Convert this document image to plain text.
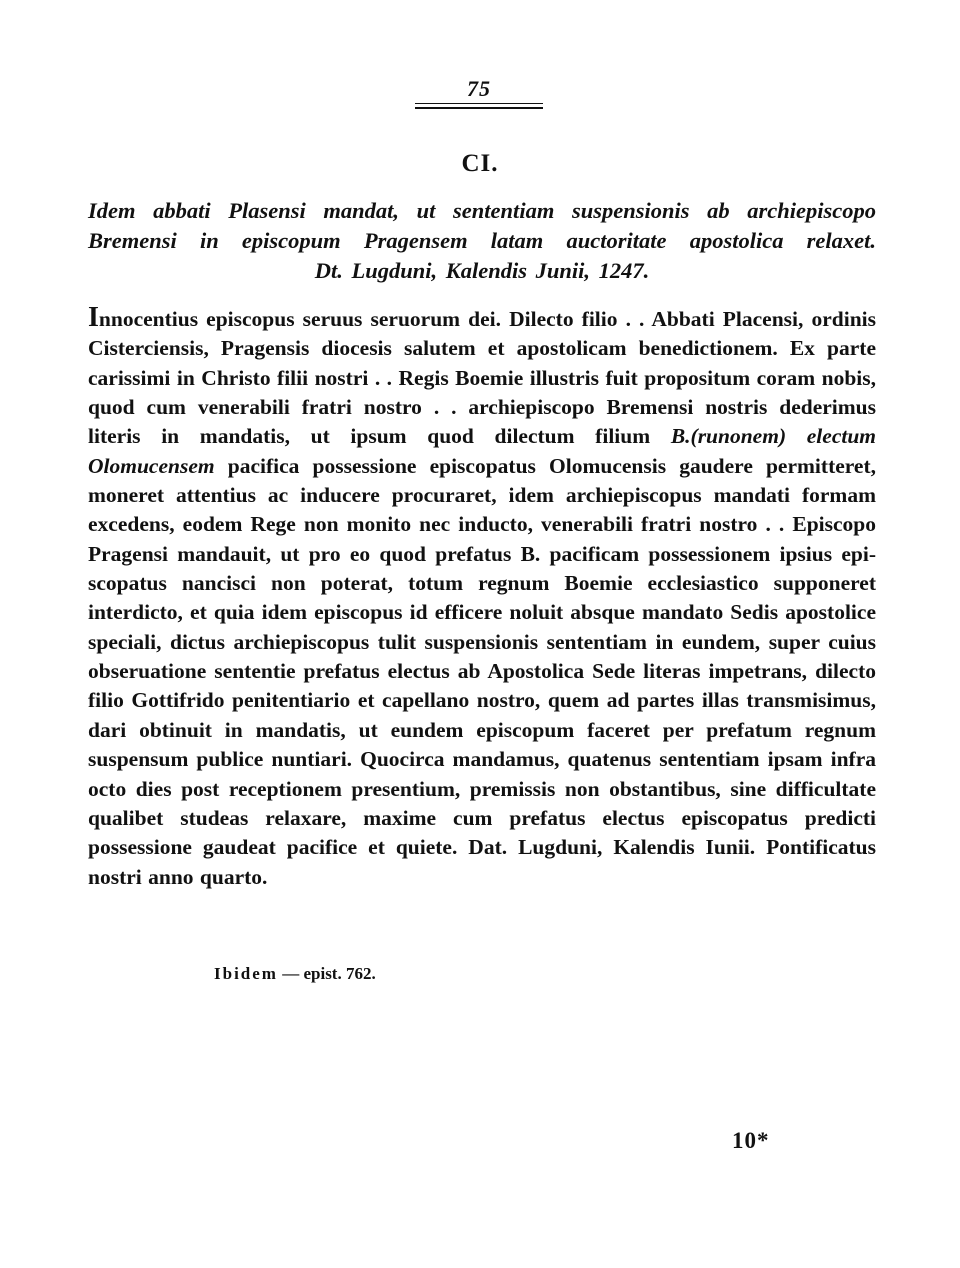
75
CI.
Idem abbati Plasensi mandat, ut sententiam suspensionis ab archiepiscopo
Bremensi in episcopum Pragensem latam auctoritate apostolica relaxet.
Dt. Lugduni, Kalendis Junii, 1247.
Innocentius episcopus seruus seruorum dei. Dilecto filio . . Abbati Placensi, ordinis Cisterciensis, Pragensis diocesis salutem et apostolicam benedictionem. Ex parte carissimi in Christo filii nostri . . Regis Boemie illustris fuit propositum coram nobis, quod cum venerabili fratri nostro . . archiepiscopo Bremensi nostris dederimus literis in mandatis, ut ipsum quod dilectum filium B.(runonem) electum Olomucensem pacifica possessione episcopatus Olomucensis gaudere permitteret, moneret attentius ac inducere procuraret, idem archiepiscopus mandati formam excedens, eodem Rege non monito nec inducto, venerabili fratri nostro . . Episcopo Pragensi mandauit, ut pro eo quod prefatus B. pacificam possessionem ipsius episcopatus nancisci non poterat, totum regnum Boemie ecclesiastico supponeret interdicto, et quia idem episcopus id efficere noluit absque mandato Sedis apostolice speciali, dictus archiepiscopus tulit suspensionis sententiam in eundem, super cuius obseruatione sententie prefatus electus ab Apostolica Sede literas impetrans, dilecto filio Gottifrido penitentiario et capellano nostro, quem ad partes illas transmisimus, dari obtinuit in mandatis, ut eundem episcopum faceret per prefatum regnum suspensum publice nuntiari. Quocirca mandamus, quatenus sententiam ipsam infra octo dies post receptionem presentium, premissis non obstantibus, sine difficultate qualibet studeas relaxare, maxime cum prefatus electus episcopatus predicti possessione gaudeat pacifice et quiete. Dat. Lugduni, Kalendis Iunii. Pontificatus nostri anno quarto.
Ibidem — epist. 762.
10*
